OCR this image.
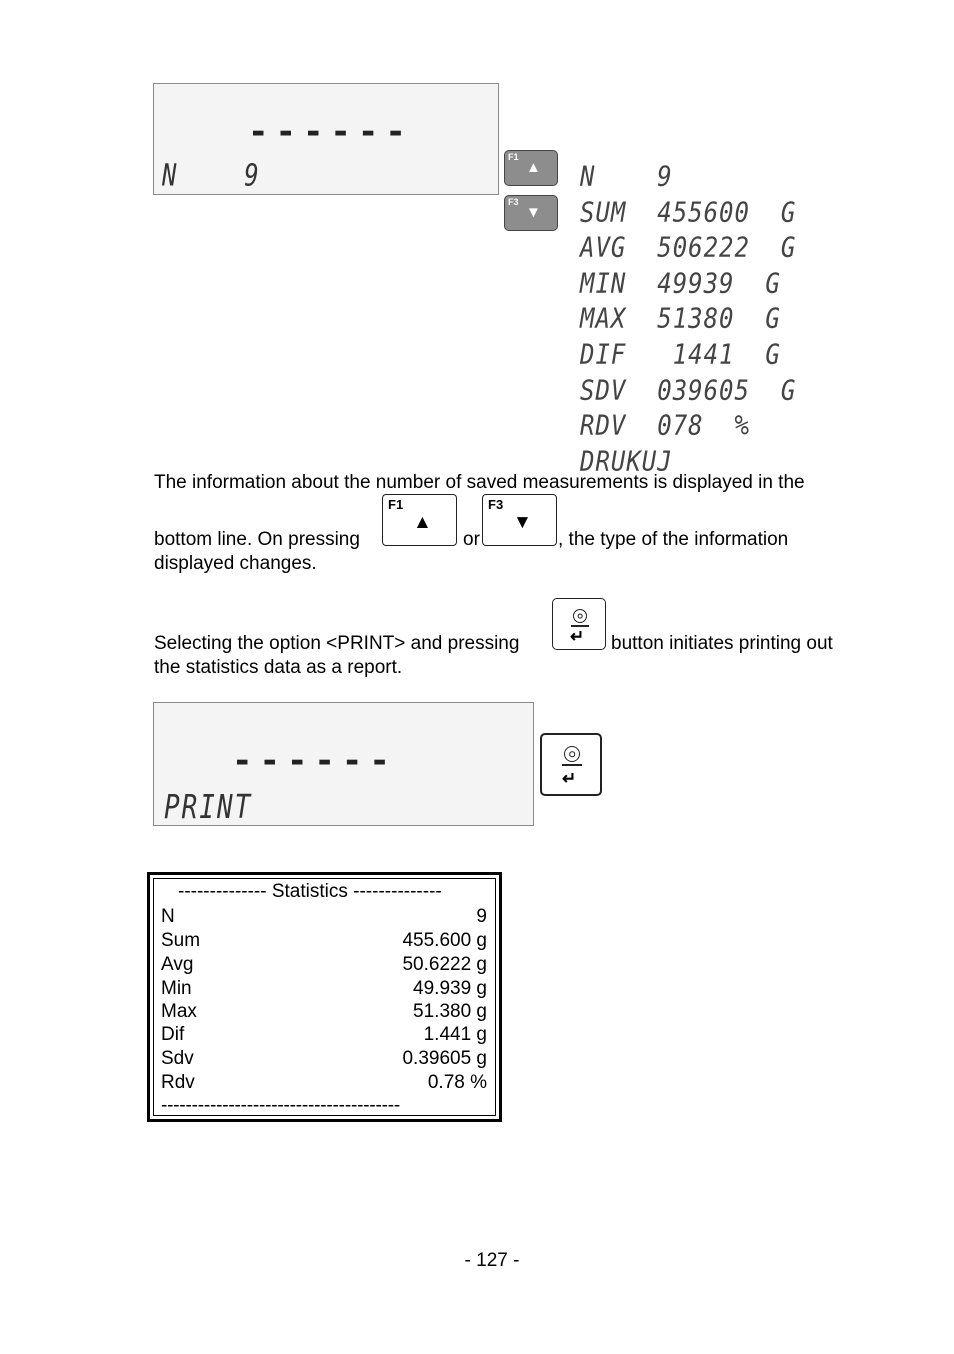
------
N    9
F1
▲
F3
▼
N    9
SUM  455600  G
AVG  506222  G
MIN  49939  G
MAX  51380  G
DIF   1441  G
SDV  039605  G
RDV  078  %
DRUKUJ
The information about the number of saved measurements is displayed in the
bottom line. On pressing
F1
▲
or
F3
▼
, the type of the information
displayed changes.
Selecting the option <PRINT> and pressing	↵ button initiates printing out
the statistics data as a report.
------
PRINT
↵
-------------- Statistics --------------
N	9
Sum	455.600 g
Avg	50.6222 g
Min	49.939 g
Max	51.380 g
Dif	1.441 g
Sdv	0.39605 g
Rdv	0.78 %
---------------------------------------
- 127 -
